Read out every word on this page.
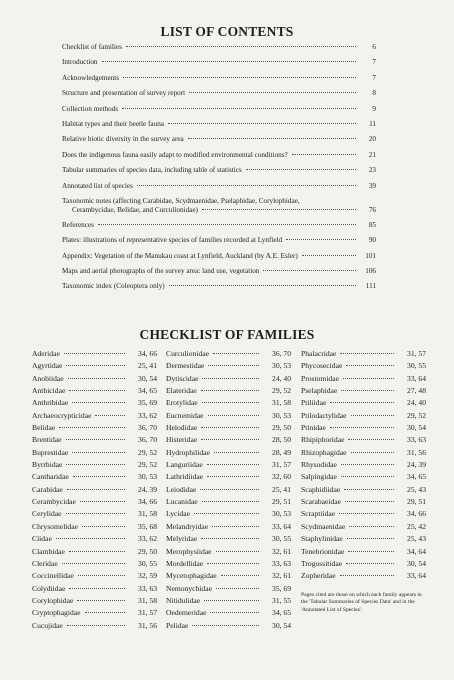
LIST OF CONTENTS
Checklist of families	6
Introduction	7
Acknowledgements	7
Structure and presentation of survey report	8
Collection methods	9
Habitat types and their beetle fauna	11
Relative biotic diversity in the survey area	20
Does the indigenous fauna easily adapt to modified environmental conditions?	21
Tabular summaries of species data, including table of statistics	23
Annotated list of species	39
Taxonomic notes (affecting Carabidae, Scydmaenidae, Pselaphidae, Corylophidae,
Cerambycidae, Belidae, and Curculionidae)	76
References	85
Plates: illustrations of representative species of families recorded at Lynfield	90
Appendix: Vegetation of the Manukau coast at Lynfield, Auckland (by A.E. Esler)	101
Maps and aerial photographs of the survey area: land use, vegetation	106
Taxonomic index (Coleoptera only)	111
CHECKLIST OF FAMILIES
Aderidae	34, 66
Agyrtidae	25, 41
Anobiidae	30, 54
Anthicidae	34, 65
Anthribidae	35, 69
Archaeocrypticidae	33, 62
Belidae	36, 70
Brentidae	36, 70
Buprestidae	29, 52
Byrrhidae	29, 52
Cantharidae	30, 53
Carabidae	24, 39
Cerambycidae	34, 66
Cerylidae	31, 58
Chrysomelidae	35, 68
Ciidae	33, 62
Clambidae	29, 50
Cleridae	30, 55
Coccinellidae	32, 59
Colydiidae	33, 63
Corylophidae	31, 58
Cryptophagidae	31, 57
Cucujidae	31, 56
Curculionidae	36, 70
Dermestidae	30, 53
Dytiscidae	24, 40
Elateridae	29, 52
Erotylidae	31, 58
Eucnemidae	30, 53
Helodidae	29, 50
Histeridae	28, 50
Hydrophilidae	28, 49
Languriidae	31, 57
Lathridiidae	32, 60
Leiodidae	25, 41
Lucanidae	29, 51
Lycidae	30, 53
Melandryidae	33, 64
Melyridae	30, 55
Merophysiidae	32, 61
Mordellidae	33, 63
Mycetophagidae	32, 61
Nemonychidae	35, 69
Nitidulidae	31, 55
Oedemeridae	34, 65
Pelidae	30, 54
Phalacridae	31, 57
Phycosecidae	30, 55
Prostomidae	33, 64
Pselaphidae	27, 48
Ptiliidae	24, 40
Ptilodactylidae	29, 52
Ptinidae	30, 54
Rhipiphoridae	33, 63
Rhizophagidae	31, 56
Rhysodidae	24, 39
Salpingidae	34, 65
Scaphidiidae	25, 43
Scarabaeidae	29, 51
Scraptiidae	34, 66
Scydmaenidae	25, 42
Staphylinidae	25, 43
Tenebrionidae	34, 64
Trogossitidae	30, 54
Zopheridae	33, 64
Pages cited are those on which each family appears in the 'Tabular Summaries of Species Data' and in the 'Annotated List of Species'.
